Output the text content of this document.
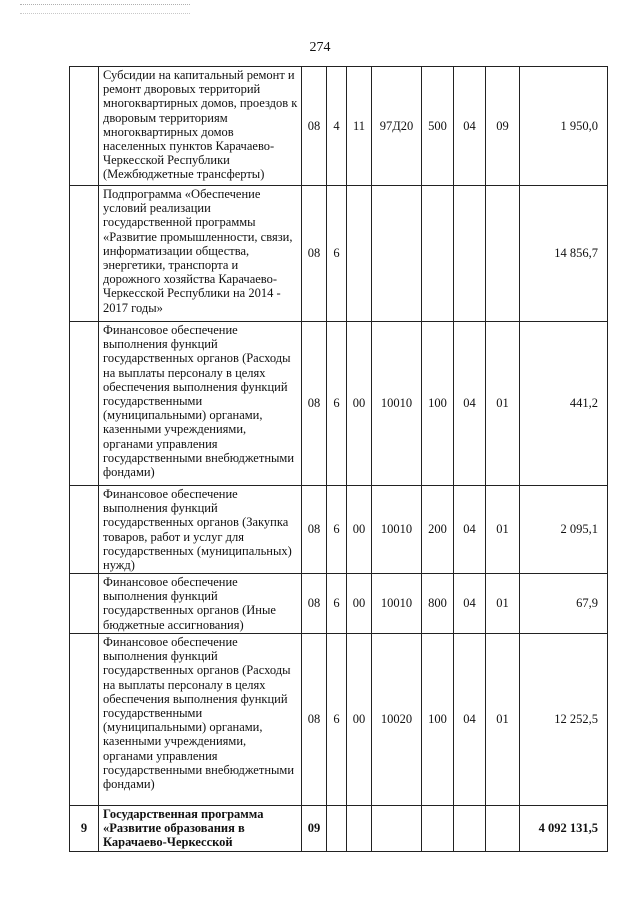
274
	Субсидии на капитальный ремонт и ремонт дворовых территорий многоквартирных домов, проездов к дворовым территориям многоквартирных домов населенных пунктов Карачаево-Черкесской Республики (Межбюджетные трансферты)	08	4	11	97Д20	500	04	09	1 950,0
	Подпрограмма «Обеспечение условий реализации государственной программы «Развитие промышленности, связи, информатизации общества, энергетики, транспорта и дорожного хозяйства Карачаево-Черкесской Республики на 2014 - 2017 годы»	08	6						14 856,7
	Финансовое обеспечение выполнения функций государственных органов (Расходы на выплаты персоналу в целях обеспечения выполнения функций государственными (муниципальными) органами, казенными учреждениями, органами управления государственными внебюджетными фондами)	08	6	00	10010	100	04	01	441,2
	Финансовое обеспечение выполнения функций государственных органов (Закупка товаров, работ и услуг для государственных (муниципальных) нужд)	08	6	00	10010	200	04	01	2 095,1
	Финансовое обеспечение выполнения функций государственных органов (Иные бюджетные ассигнования)	08	6	00	10010	800	04	01	67,9
	Финансовое обеспечение выполнения функций государственных органов (Расходы на выплаты персоналу в целях обеспечения выполнения функций государственными (муниципальными) органами, казенными учреждениями, органами управления государственными внебюджетными фондами)	08	6	00	10020	100	04	01	12 252,5
9	Государственная программа «Развитие образования в Карачаево-Черкесской	09							4 092 131,5
